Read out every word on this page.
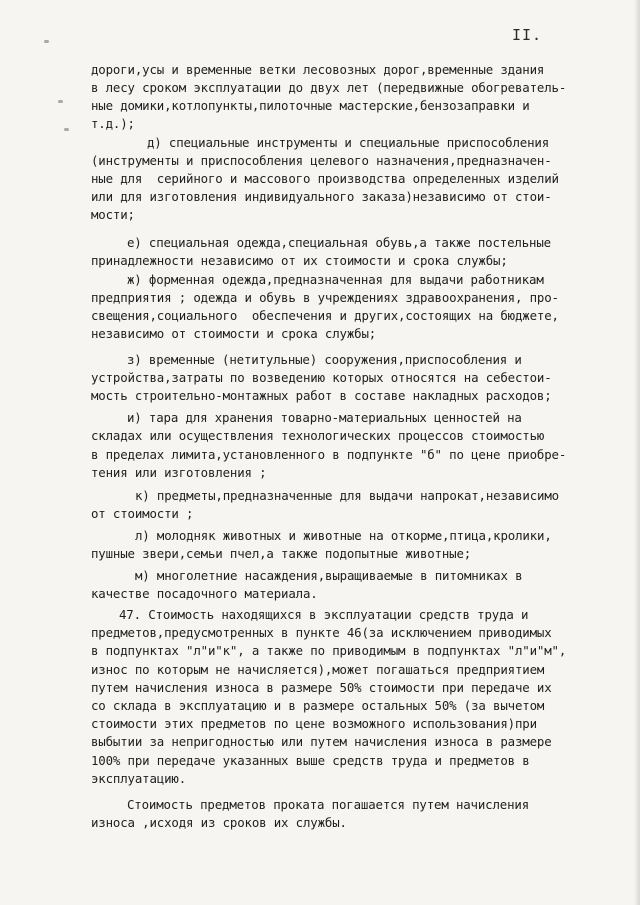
II.
дороги,усы и временные ветки лесовозных дорог,временные здания
в лесу сроком эксплуатации до двух лет (передвижные обогреватель-
ные домики,котлопункты,пилоточные мастерские,бензозаправки и
т.д.);
д) специальные инструменты и специальные приспособления
(инструменты и приспособления целевого назначения,предназначен-
ные для  серийного и массового производства определенных изделий
или для изготовления индивидуального заказа)независимо от стои-
мости;
е) специальная одежда,специальная обувь,а также постельные
принадлежности независимо от их стоимости и срока службы;
ж) форменная одежда,предназначенная для выдачи работникам
предприятия ; одежда и обувь в учреждениях здравоохранения, про-
свещения,социального  обеспечения и других,состоящих на бюджете,
независимо от стоимости и срока службы;
з) временные (нетитульные) сооружения,приспособления и
устройства,затраты по возведению которых относятся на себестои-
мость строительно-монтажных работ в составе накладных расходов;
и) тара для хранения товарно-материальных ценностей на
складах или осуществления технологических процессов стоимостью
в пределах лимита,установленного в подпункте "б" по цене приобре-
тения или изготовления ;
к) предметы,предназначенные для выдачи напрокат,независимо
от стоимости ;
л) молодняк животных и животные на откорме,птица,кролики,
пушные звери,семьи пчел,а также подопытные животные;
м) многолетние насаждения,выращиваемые в питомниках в
качестве посадочного материала.
47. Стоимость находящихся в эксплуатации средств труда и
предметов,предусмотренных в пункте 46(за исключением приводимых
в подпунктах "л"и"к", а также по приводимым в подпунктах "л"и"м",
износ по которым не начисляется),может погашаться предприятием
путем начисления износа в размере 50% стоимости при передаче их
со склада в эксплуатацию и в размере остальных 50% (за вычетом
стоимости этих предметов по цене возможного использования)при
выбытии за непригодностью или путем начисления износа в размере
100% при передаче указанных выше средств труда и предметов в
эксплуатацию.
Стоимость предметов проката погашается путем начисления
износа ,исходя из сроков их службы.
